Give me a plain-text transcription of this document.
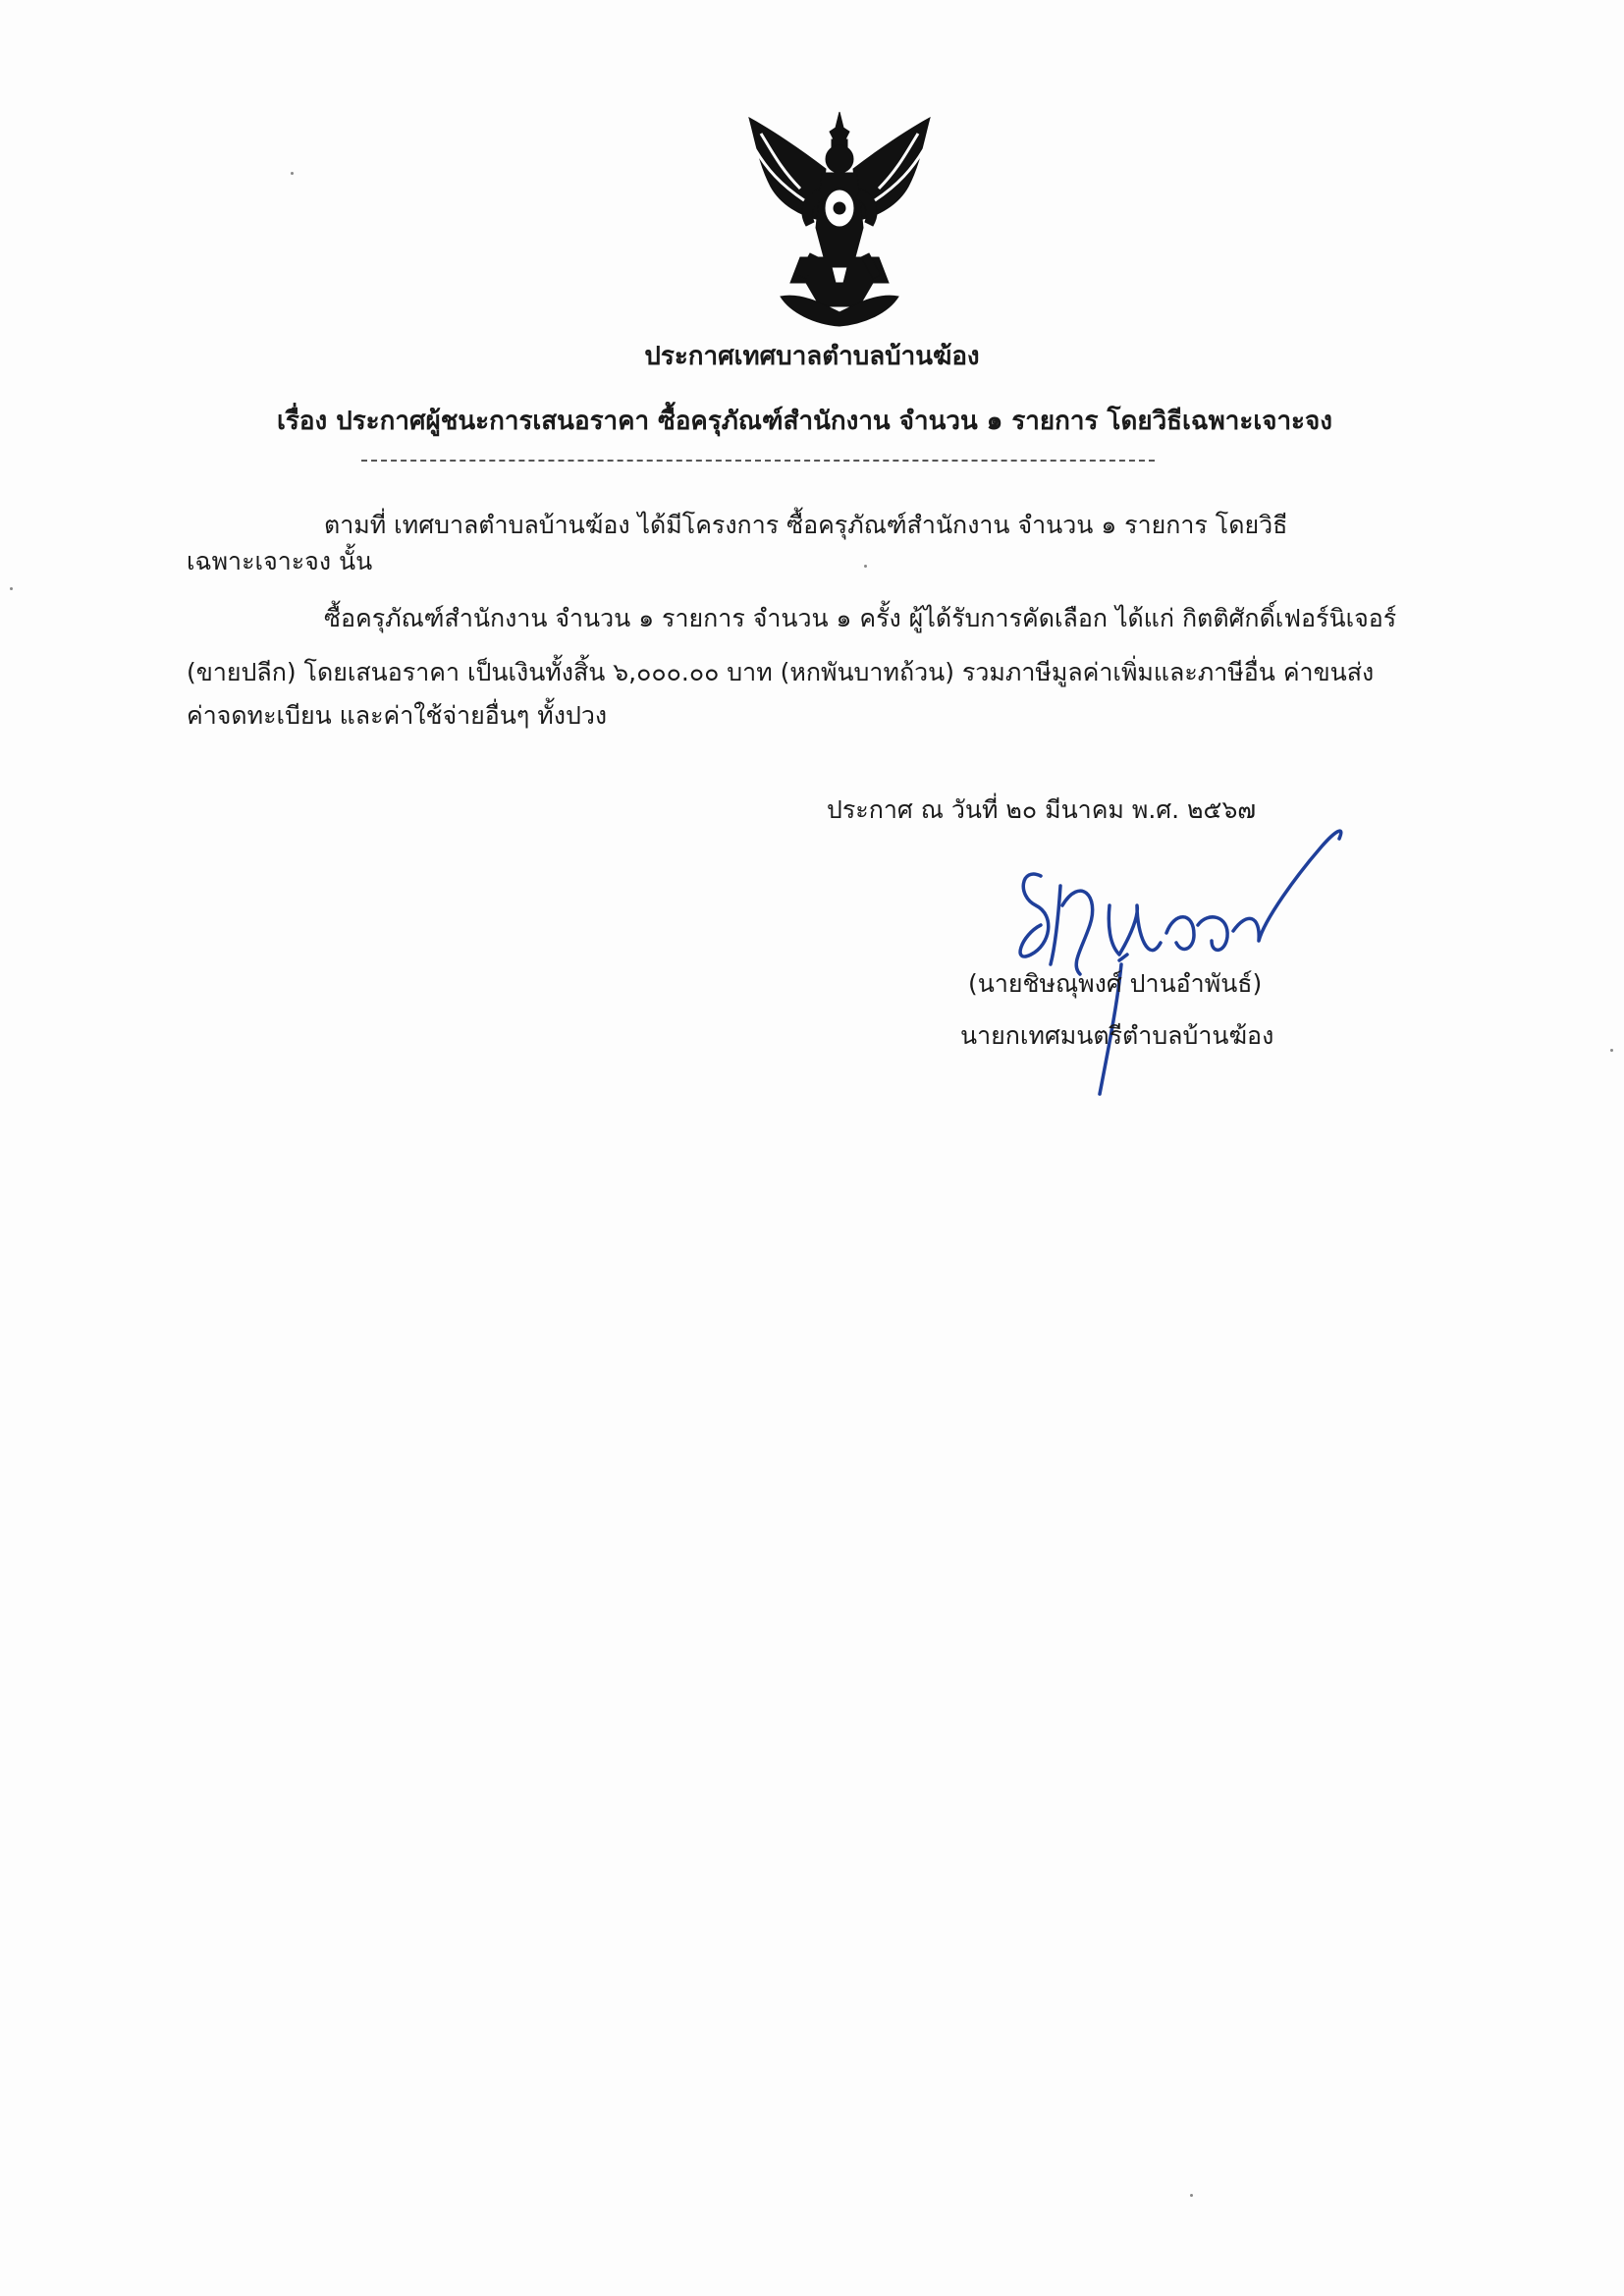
ประกาศเทศบาลตำบลบ้านฆ้อง
เรื่อง ประกาศผู้ชนะการเสนอราคา ซื้อครุภัณฑ์สำนักงาน จำนวน ๑ รายการ โดยวิธีเฉพาะเจาะจง
ตามที่ เทศบาลตำบลบ้านฆ้อง ได้มีโครงการ ซื้อครุภัณฑ์สำนักงาน จำนวน ๑ รายการ โดยวิธี
เฉพาะเจาะจง นั้น
ซื้อครุภัณฑ์สำนักงาน จำนวน ๑ รายการ จำนวน ๑ ครั้ง ผู้ได้รับการคัดเลือก ได้แก่ กิตติศักดิ์เฟอร์นิเจอร์
(ขายปลีก) โดยเสนอราคา เป็นเงินทั้งสิ้น ๖,๐๐๐.๐๐ บาท (หกพันบาทถ้วน) รวมภาษีมูลค่าเพิ่มและภาษีอื่น ค่าขนส่ง
ค่าจดทะเบียน และค่าใช้จ่ายอื่นๆ ทั้งปวง
ประกาศ ณ วันที่ ๒๐ มีนาคม พ.ศ. ๒๕๖๗
(นายชิษณุพงศ์ ปานอำพันธ์)
นายกเทศมนตรีตำบลบ้านฆ้อง
